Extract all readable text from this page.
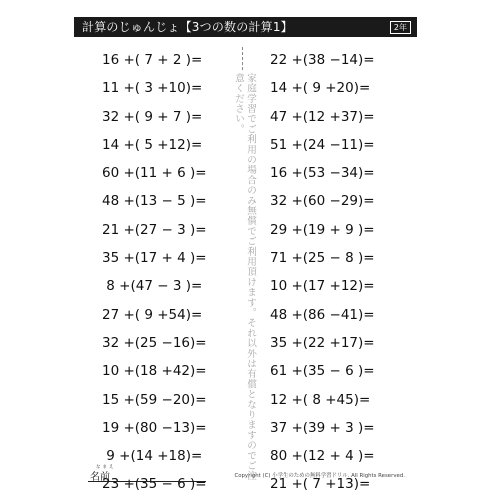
計算のじゅんじょ【3つの数の計算1】	2年
16 +( 7 + 2 )=
11 +( 3 +10)=
32 +( 9 + 7 )=
14 +( 5 +12)=
60 +(11 + 6 )=
48 +(13 − 5 )=
21 +(27 − 3 )=
35 +(17 + 4 )=
8 +(47 − 3 )=
27 +( 9 +54)=
32 +(25 −16)=
10 +(18 +42)=
15 +(59 −20)=
19 +(80 −13)=
9 +(14 +18)=
23 +(35 − 6 )=
家庭学習でご利用の場合のみ無償でご利用頂けます。それ以外は有償となりますのでご注意ください。
22 +(38 −14)=
14 +( 9 +20)=
47 +(12 +37)=
51 +(24 −11)=
16 +(53 −34)=
32 +(60 −29)=
29 +(19 + 9 )=
71 +(25 − 8 )=
10 +(17 +12)=
48 +(86 −41)=
35 +(22 +17)=
61 +(35 − 6 )=
12 +( 8 +45)=
37 +(39 + 3 )=
80 +(12 + 4 )=
21 +( 7 +13)=
なまえ
名前	Copyright (C) 小学生のための無料学習ドリル. All Rights Reserved.
